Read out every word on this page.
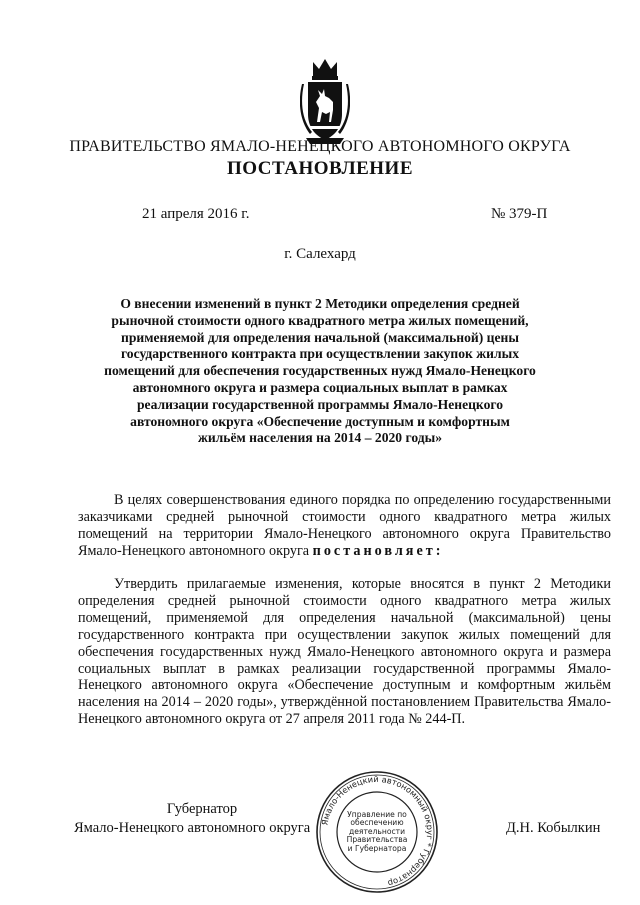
ПРАВИТЕЛЬСТВО ЯМАЛО-НЕНЕЦКОГО АВТОНОМНОГО ОКРУГА
ПОСТАНОВЛЕНИЕ
21 апреля 2016 г.	№ 379-П
г. Салехард
О внесении изменений в пункт 2 Методики определения средней
рыночной стоимости одного квадратного метра жилых помещений,
применяемой для определения начальной (максимальной) цены
государственного контракта при осуществлении закупок жилых
помещений для обеспечения государственных нужд Ямало-Ненецкого
автономного округа и размера социальных выплат в рамках
реализации государственной программы Ямало-Ненецкого
автономного округа «Обеспечение доступным и комфортным
жильём населения на 2014 – 2020 годы»
В целях совершенствования единого порядка по определению государственными заказчиками средней рыночной стоимости одного квадратного метра жилых помещений на территории Ямало-Ненецкого автономного округа Правительство Ямало-Ненецкого автономного округа постановляет:
Утвердить прилагаемые изменения, которые вносятся в пункт 2 Методики определения средней рыночной стоимости одного квадратного метра жилых помещений, применяемой для определения начальной (максимальной) цены государственного контракта при осуществлении закупок жилых помещений для обеспечения государственных нужд Ямало-Ненецкого автономного округа и размера социальных выплат в рамках реализации государственной программы Ямало-Ненецкого автономного округа «Обеспечение доступным и комфортным жильём населения на 2014 – 2020 годы», утверждённой постановлением Правительства Ямало-Ненецкого автономного округа от 27 апреля 2011 года № 244-П.
Губернатор
Ямало-Ненецкого автономного округа	Д.Н. Кобылкин
Ямало-Ненецкий автономный округ * Губернатор
Управление по
обеспечению
деятельности
Правительства
и Губернатора
